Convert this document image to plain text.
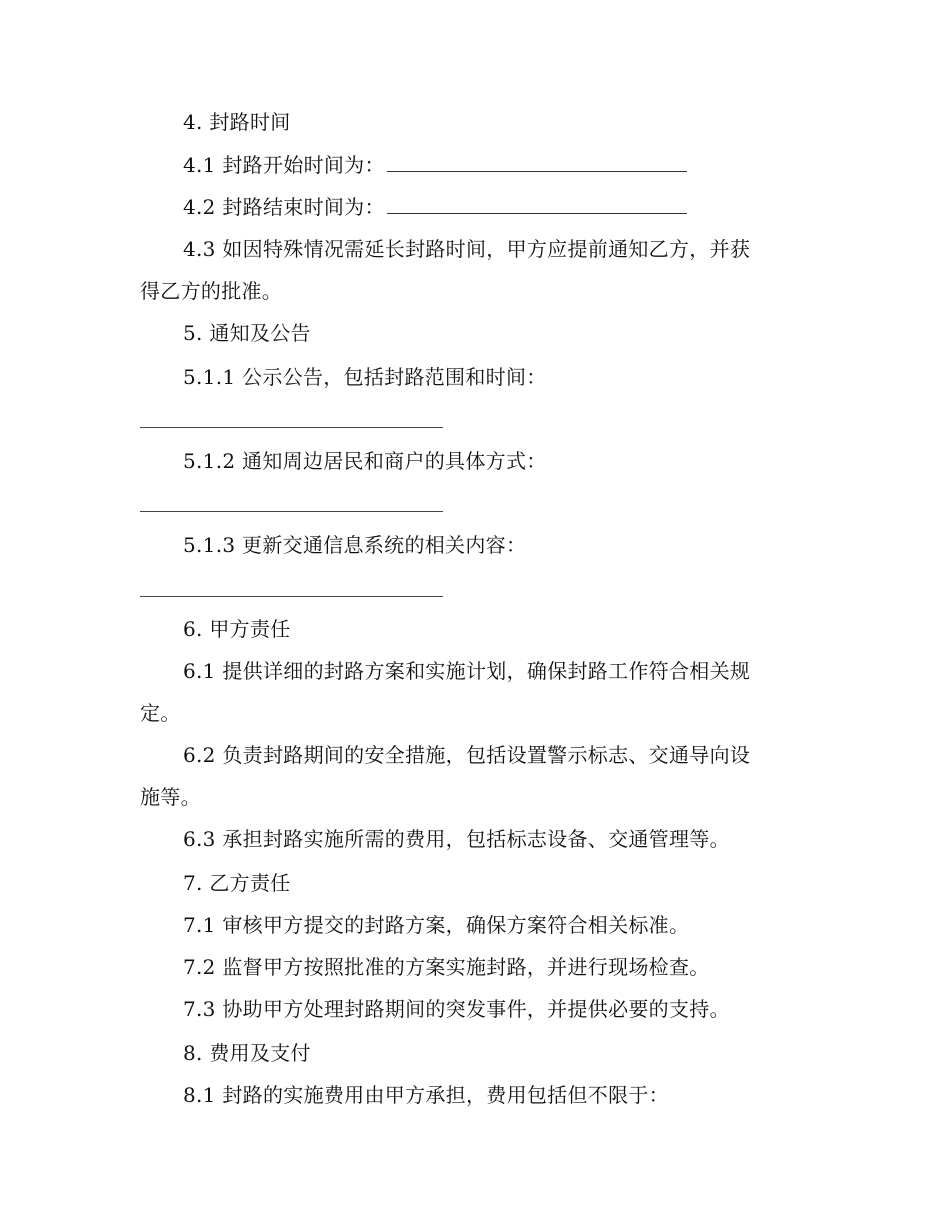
4. 封路时间
4.1 封路开始时间为：
4.2 封路结束时间为：
4.3 如因特殊情况需延长封路时间，甲方应提前通知乙方，并获
得乙方的批准。
5. 通知及公告
5.1.1 公示公告，包括封路范围和时间：
5.1.2 通知周边居民和商户的具体方式：
5.1.3 更新交通信息系统的相关内容：
6. 甲方责任
6.1 提供详细的封路方案和实施计划，确保封路工作符合相关规
定。
6.2 负责封路期间的安全措施，包括设置警示标志、交通导向设
施等。
6.3 承担封路实施所需的费用，包括标志设备、交通管理等。
7. 乙方责任
7.1 审核甲方提交的封路方案，确保方案符合相关标准。
7.2 监督甲方按照批准的方案实施封路，并进行现场检查。
7.3 协助甲方处理封路期间的突发事件，并提供必要的支持。
8. 费用及支付
8.1 封路的实施费用由甲方承担，费用包括但不限于：
